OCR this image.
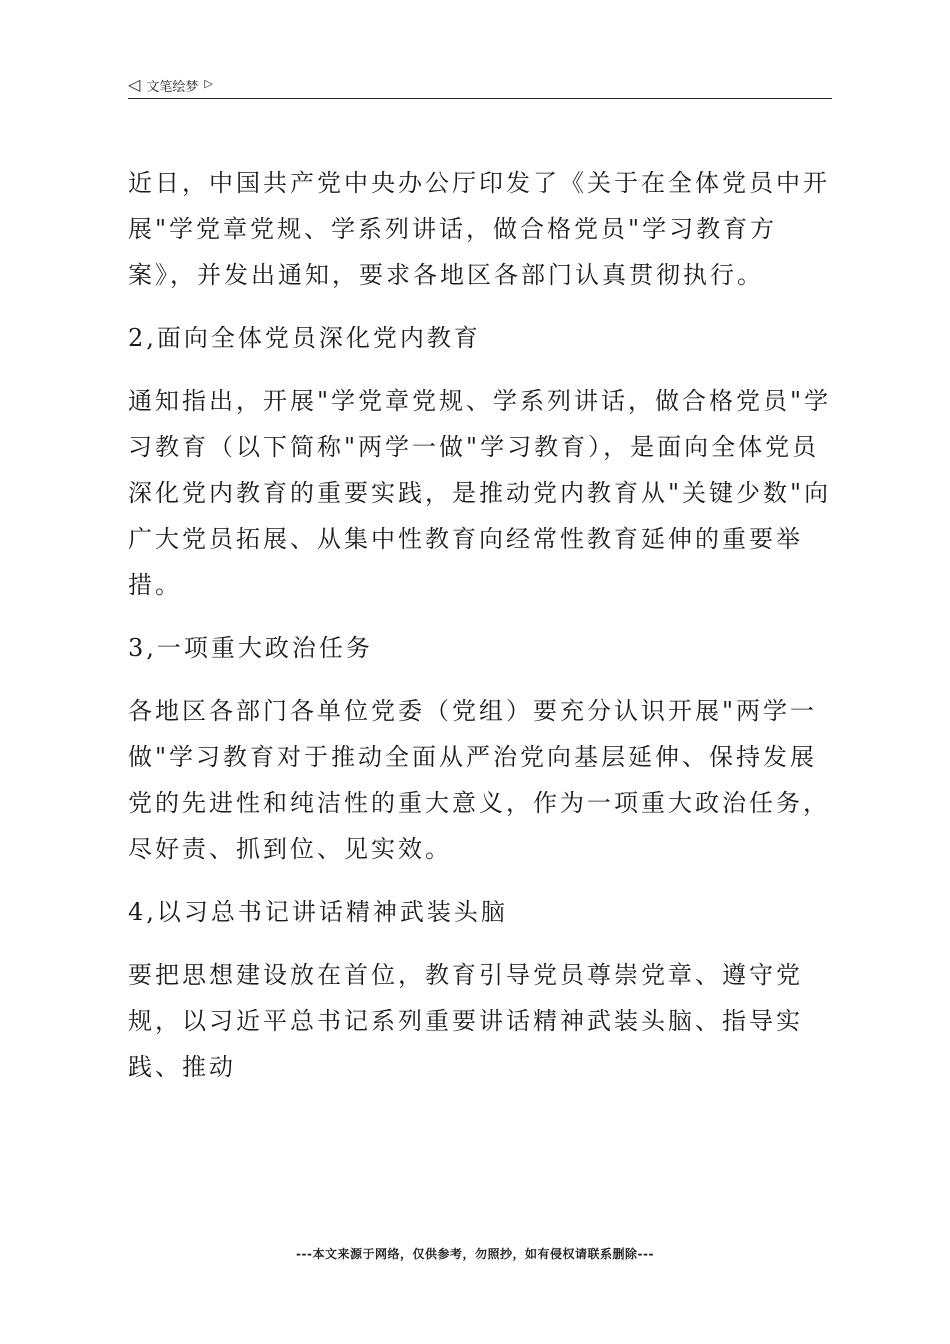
◁ 文笔绘梦 ▷

近日，中国共产党中央办公厅印发了《关于在全体党员中开展"学党章党规、学系列讲话，做合格党员"学习教育方案》，并发出通知，要求各地区各部门认真贯彻执行。

2,面向全体党员深化党内教育

通知指出，开展"学党章党规、学系列讲话，做合格党员"学习教育（以下简称"两学一做"学习教育），是面向全体党员深化党内教育的重要实践，是推动党内教育从"关键少数"向广大党员拓展、从集中性教育向经常性教育延伸的重要举措。

3,一项重大政治任务

各地区各部门各单位党委（党组）要充分认识开展"两学一做"学习教育对于推动全面从严治党向基层延伸、保持发展党的先进性和纯洁性的重大意义，作为一项重大政治任务，尽好责、抓到位、见实效。

4,以习总书记讲话精神武装头脑

要把思想建设放在首位，教育引导党员尊崇党章、遵守党规，以习近平总书记系列重要讲话精神武装头脑、指导实践、推动

---本文来源于网络，仅供参考，勿照抄，如有侵权请联系删除---
